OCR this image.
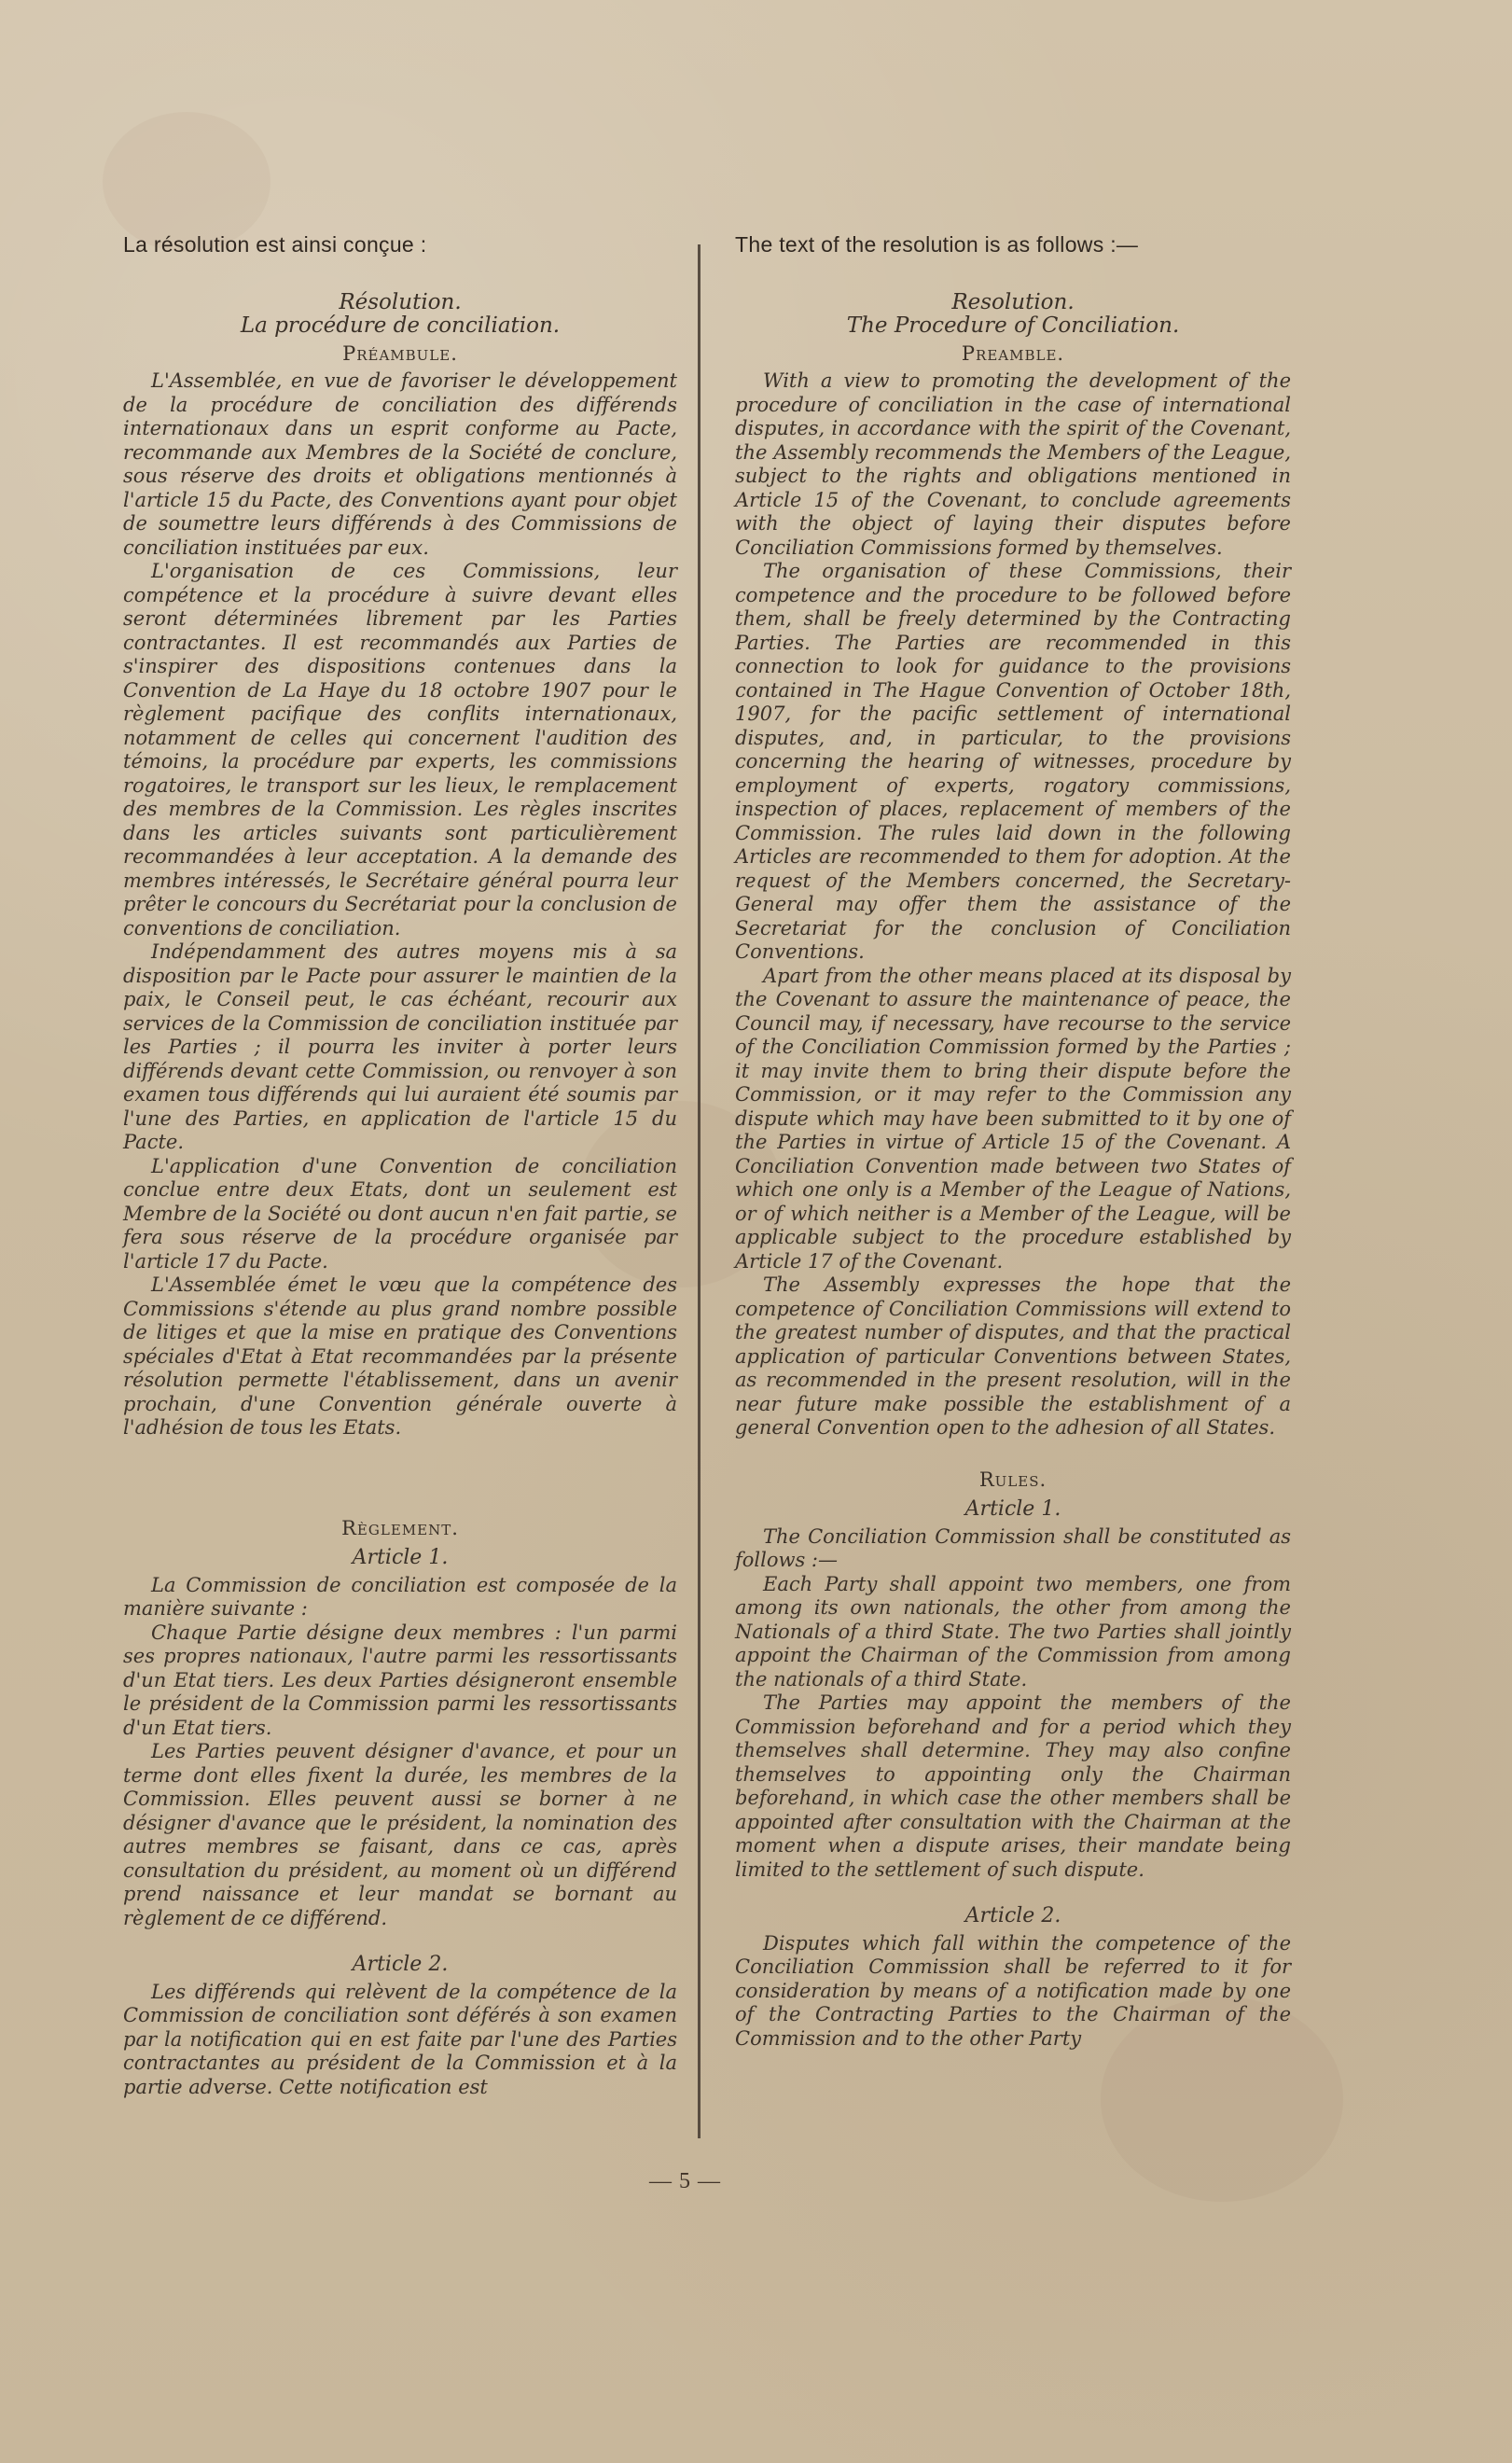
La résolution est ainsi conçue :
Résolution.
La procédure de conciliation.
Préambule.

L'Assemblée, en vue de favoriser le développement de la procédure de conciliation des différends internationaux dans un esprit conforme au Pacte, recommande aux Membres de la Société de conclure, sous réserve des droits et obligations mentionnés à l'article 15 du Pacte, des Conventions ayant pour objet de soumettre leurs différends à des Commissions de conciliation instituées par eux.

L'organisation de ces Commissions, leur compétence et la procédure à suivre devant elles seront déterminées librement par les Parties contractantes. Il est recommandés aux Parties de s'inspirer des dispositions contenues dans la Convention de La Haye du 18 octobre 1907 pour le règlement pacifique des conflits internationaux, notamment de celles qui concernent l'audition des témoins, la procédure par experts, les commissions rogatoires, le transport sur les lieux, le remplacement des membres de la Commission. Les règles inscrites dans les articles suivants sont particulièrement recommandées à leur acceptation. A la demande des membres intéressés, le Secrétaire général pourra leur prêter le concours du Secrétariat pour la conclusion de conventions de conciliation.

Indépendamment des autres moyens mis à sa disposition par le Pacte pour assurer le maintien de la paix, le Conseil peut, le cas échéant, recourir aux services de la Commission de conciliation instituée par les Parties ; il pourra les inviter à porter leurs différends devant cette Commission, ou renvoyer à son examen tous différends qui lui auraient été soumis par l'une des Parties, en application de l'article 15 du Pacte.

L'application d'une Convention de conciliation conclue entre deux Etats, dont un seulement est Membre de la Société ou dont aucun n'en fait partie, se fera sous réserve de la procédure organisée par l'article 17 du Pacte.

L'Assemblée émet le vœu que la compétence des Commissions s'étende au plus grand nombre possible de litiges et que la mise en pratique des Conventions spéciales d'Etat à Etat recommandées par la présente résolution permette l'établissement, dans un avenir prochain, d'une Convention générale ouverte à l'adhésion de tous les Etats.

Règlement.
Article 1.

La Commission de conciliation est composée de la manière suivante :

Chaque Partie désigne deux membres : l'un parmi ses propres nationaux, l'autre parmi les ressortissants d'un Etat tiers. Les deux Parties désigneront ensemble le président de la Commission parmi les ressortissants d'un Etat tiers.

Les Parties peuvent désigner d'avance, et pour un terme dont elles fixent la durée, les membres de la Commission. Elles peuvent aussi se borner à ne désigner d'avance que le président, la nomination des autres membres se faisant, dans ce cas, après consultation du président, au moment où un différend prend naissance et leur mandat se bornant au règlement de ce différend.

Article 2.

Les différends qui relèvent de la compétence de la Commission de conciliation sont déférés à son examen par la notification qui en est faite par l'une des Parties contractantes au président de la Commission et à la partie adverse. Cette notification est

The text of the resolution is as follows :—
Resolution.
The Procedure of Conciliation.
Preamble.

With a view to promoting the development of the procedure of conciliation in the case of international disputes, in accordance with the spirit of the Covenant, the Assembly recommends the Members of the League, subject to the rights and obligations mentioned in Article 15 of the Covenant, to conclude agreements with the object of laying their disputes before Conciliation Commissions formed by themselves.

The organisation of these Commissions, their competence and the procedure to be followed before them, shall be freely determined by the Contracting Parties. The Parties are recommended in this connection to look for guidance to the provisions contained in The Hague Convention of October 18th, 1907, for the pacific settlement of international disputes, and, in particular, to the provisions concerning the hearing of witnesses, procedure by employment of experts, rogatory commissions, inspection of places, replacement of members of the Commission. The rules laid down in the following Articles are recommended to them for adoption. At the request of the Members concerned, the Secretary-General may offer them the assistance of the Secretariat for the conclusion of Conciliation Conventions.

Apart from the other means placed at its disposal by the Covenant to assure the maintenance of peace, the Council may, if necessary, have recourse to the service of the Conciliation Commission formed by the Parties ; it may invite them to bring their dispute before the Commission, or it may refer to the Commission any dispute which may have been submitted to it by one of the Parties in virtue of Article 15 of the Covenant. A Conciliation Convention made between two States of which one only is a Member of the League of Nations, or of which neither is a Member of the League, will be applicable subject to the procedure established by Article 17 of the Covenant.

The Assembly expresses the hope that the competence of Conciliation Commissions will extend to the greatest number of disputes, and that the practical application of particular Conventions between States, as recommended in the present resolution, will in the near future make possible the establishment of a general Convention open to the adhesion of all States.

Rules.
Article 1.

The Conciliation Commission shall be constituted as follows :—

Each Party shall appoint two members, one from among its own nationals, the other from among the Nationals of a third State. The two Parties shall jointly appoint the Chairman of the Commission from among the nationals of a third State.

The Parties may appoint the members of the Commission beforehand and for a period which they themselves shall determine. They may also confine themselves to appointing only the Chairman beforehand, in which case the other members shall be appointed after consultation with the Chairman at the moment when a dispute arises, their mandate being limited to the settlement of such dispute.

Article 2.

Disputes which fall within the competence of the Conciliation Commission shall be referred to it for consideration by means of a notification made by one of the Contracting Parties to the Chairman of the Commission and to the other Party

— 5 —
